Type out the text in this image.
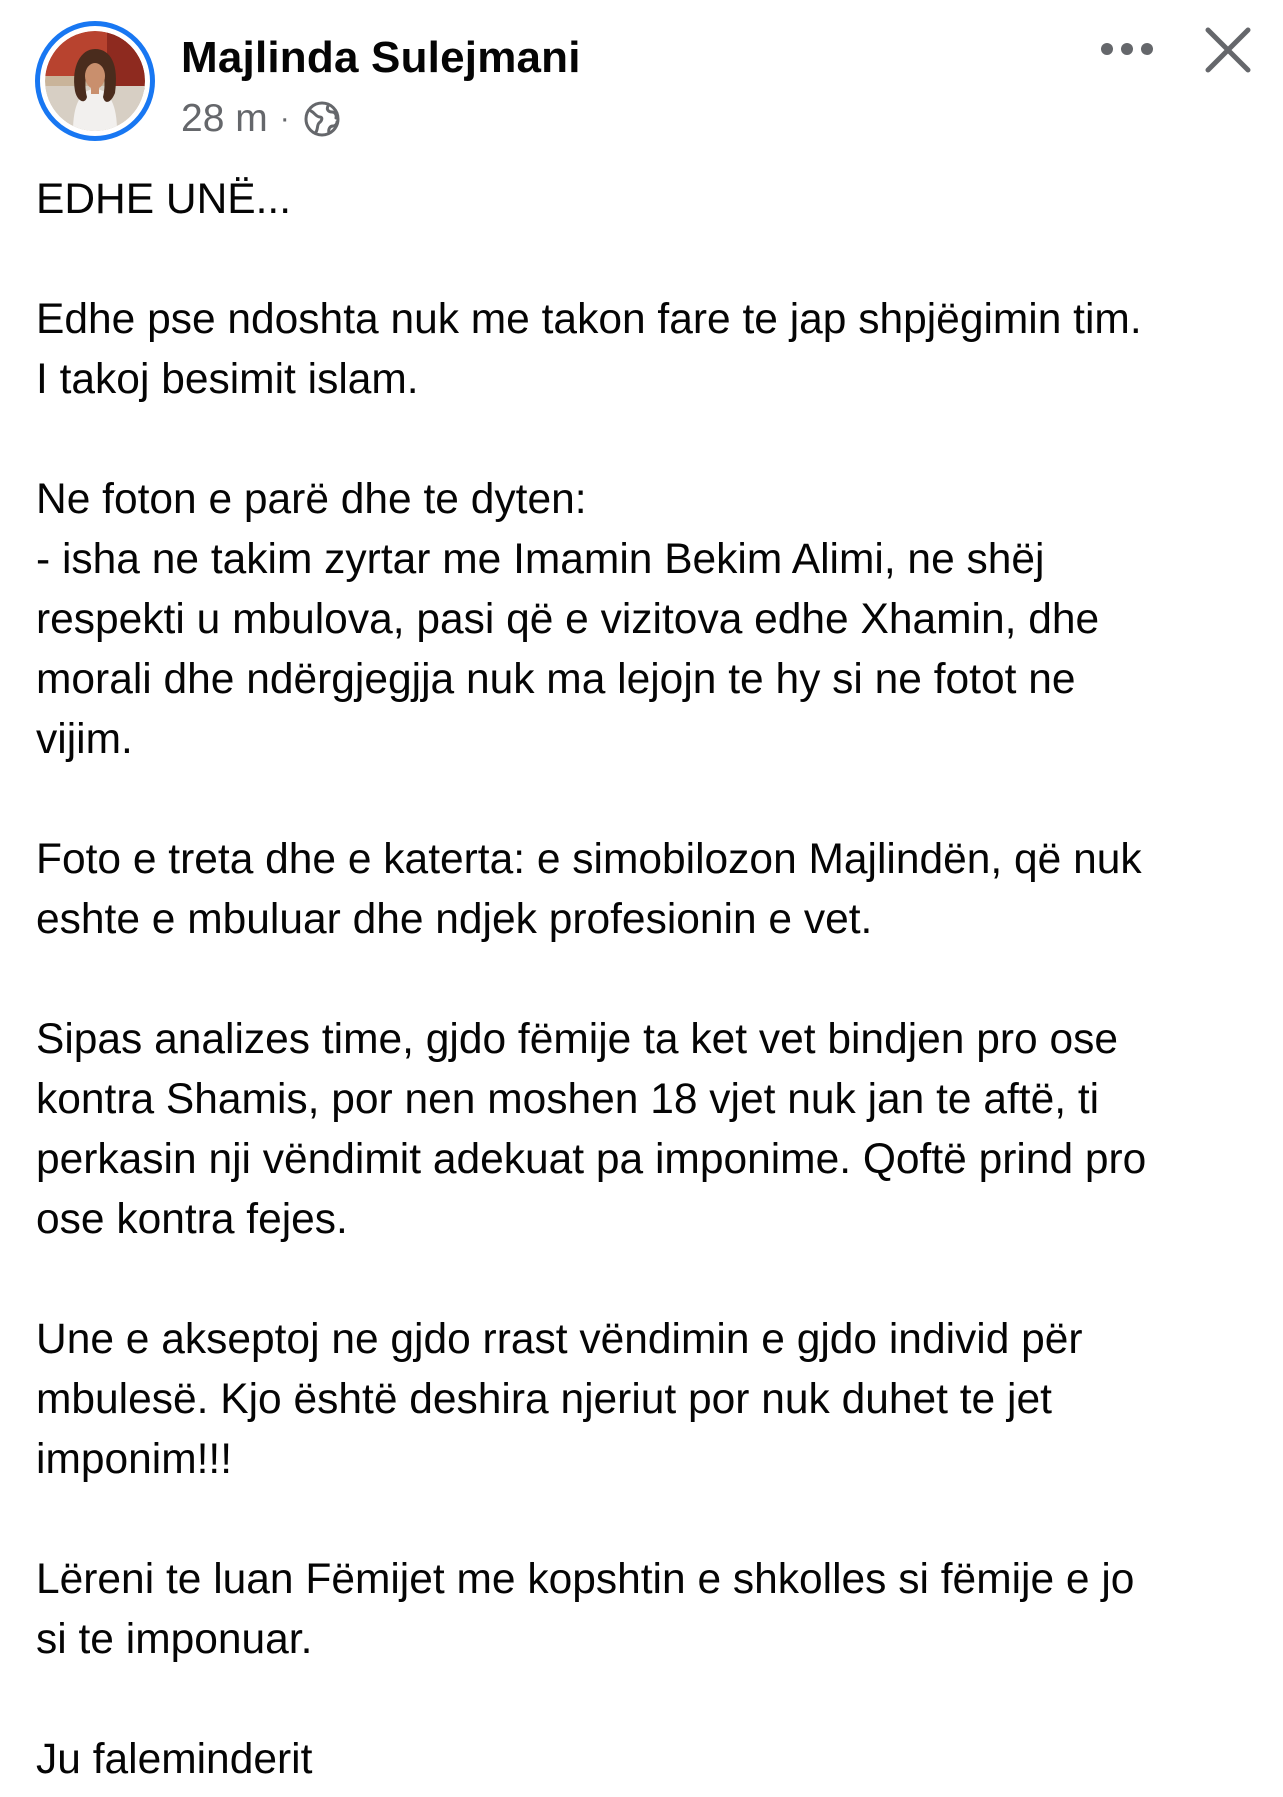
Majlinda Sulejmani
28 m ·

EDHE UNË...

Edhe pse ndoshta nuk me takon fare te jap shpjëgimin tim.

I takoj besimit islam.

Ne foton e parë dhe te dyten:

- isha ne takim zyrtar me Imamin Bekim Alimi, ne shëj

respekti u mbulova, pasi që e vizitova edhe Xhamin, dhe

morali dhe ndërgjegjja nuk ma lejojn te hy si ne fotot ne

vijim.

Foto e treta dhe e katerta: e simobilozon Majlindën, që nuk

eshte e mbuluar dhe ndjek profesionin e vet.

Sipas analizes time, gjdo fëmije ta ket vet bindjen pro ose

kontra Shamis, por nen moshen 18 vjet nuk jan te aftë, ti

perkasin nji vëndimit adekuat pa imponime. Qoftë prind pro

ose kontra fejes.

Une e akseptoj ne gjdo rrast vëndimin e gjdo individ për

mbulesë. Kjo është deshira njeriut por nuk duhet te jet

imponim!!!

Lëreni te luan Fëmijet me kopshtin e shkolles si fëmije e jo

si te imponuar.

Ju faleminderit
